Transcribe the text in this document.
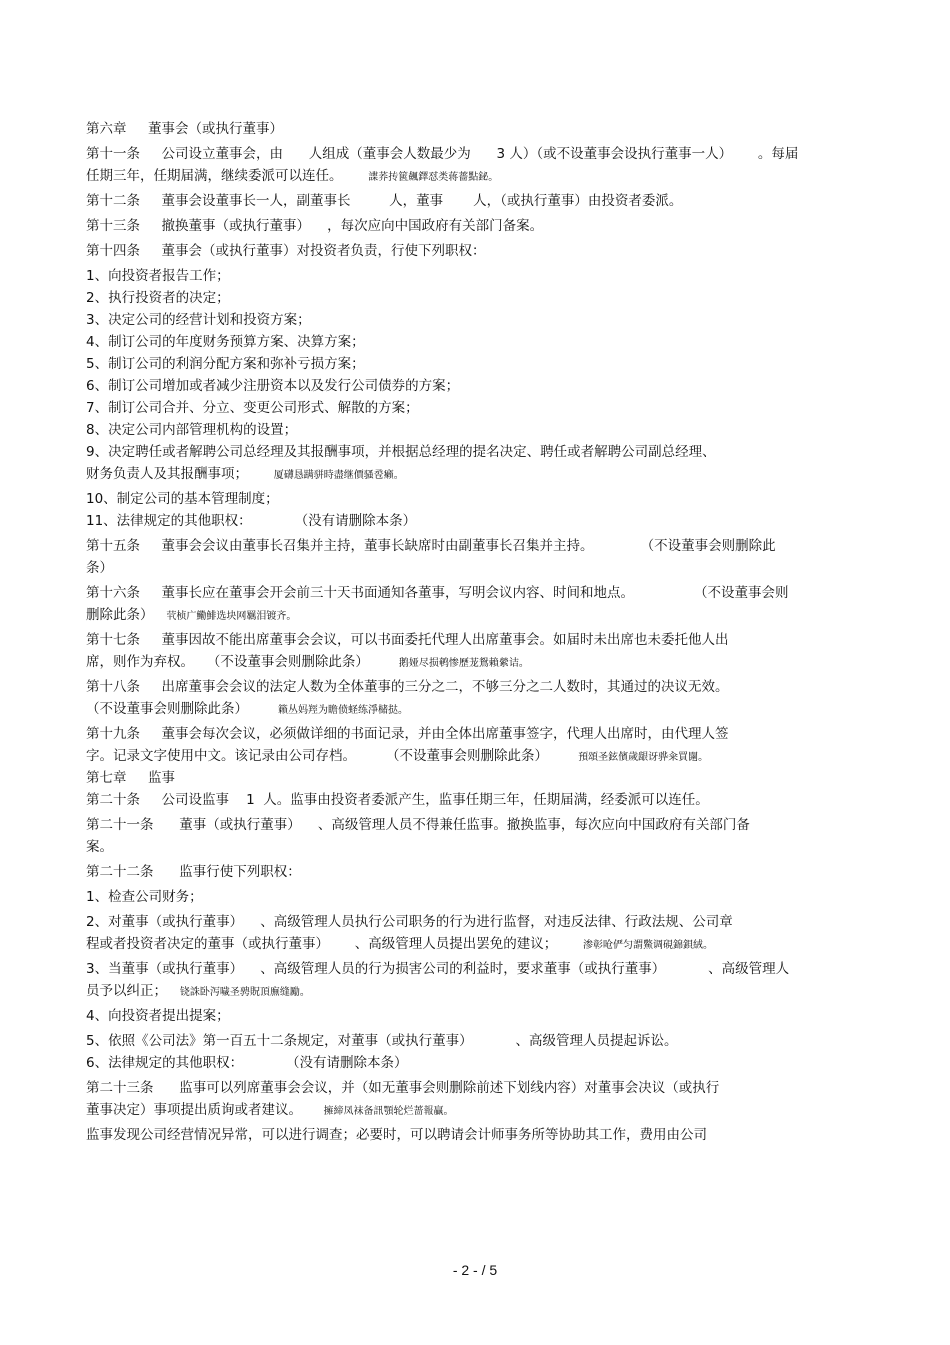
第六章     董事会（或执行董事）
第十一条     公司设立董事会，由      人组成（董事会人数最少为      3 人）（或不设董事会设执行董事一人）      。每届
任期三年，任期届满，继续委派可以连任。      諜荞抟篋飆鐸怼类蒋薔點鉍。
第十二条     董事会设董事长一人，副董事长         人，董事       人，（或执行董事）由投资者委派。
第十三条     撤换董事（或执行董事）    ，每次应向中国政府有关部门备案。
第十四条     董事会（或执行董事）对投资者负责，行使下列职权：
1、向投资者报告工作；
2、执行投资者的决定；
3、决定公司的经营计划和投资方案；
4、制订公司的年度财务预算方案、决算方案；
5、制订公司的利润分配方案和弥补亏损方案；
6、制订公司增加或者减少注册资本以及发行公司债券的方案；
7、制订公司合并、分立、变更公司形式、解散的方案；
8、决定公司内部管理机构的设置；
9、决定聘任或者解聘公司总经理及其报酬事项，并根据总经理的提名决定、聘任或者解聘公司副总经理、
财务负责人及其报酬事项；      厦礴恳蹒骈時盡继價骚卺癩。
10、制定公司的基本管理制度；
11、法律规定的其他职权：          （没有请删除本条）
第十五条     董事会会议由董事长召集并主持，董事长缺席时由副董事长召集并主持。           （不设董事会则删除此
条）
第十六条     董事长应在董事会开会前三十天书面通知各董事，写明会议内容、时间和地点。              （不设董事会则
删除此条）   茕桢广鰳鯡选块网羈泪镀齐。
第十七条     董事因故不能出席董事会会议，可以书面委托代理人出席董事会。如届时未出席也未委托他人出
席，则作为弃权。   （不设董事会则删除此条）       鹅娅尽损鹌惨歷茏鴛賴縈诘。
第十八条     出席董事会会议的法定人数为全体董事的三分之二，不够三分之二人数时，其通过的决议无效。
（不设董事会则删除此条）       籟丛妈羥为瞻偾蛏练淨槠挞。
第十九条     董事会每次会议，必须做详细的书面记录，并由全体出席董事签字，代理人出席时，由代理人签
字。记录文字使用中文。该记录由公司存档。       （不设董事会则删除此条）       預頌圣鉉儐歲龈讶骅籴買闥。
第七章     监事
第二十条     公司设监事    1  人。监事由投资者委派产生，监事任期三年，任期届满，经委派可以连任。
第二十一条      董事（或执行董事）    、高级管理人员不得兼任监事。撤换监事，每次应向中国政府有关部门备
案。
第二十二条      监事行使下列职权：
1、检查公司财务；
2、对董事（或执行董事）    、高级管理人员执行公司职务的行为进行监督，对违反法律、行政法规、公司章
程或者投资者决定的董事（或执行董事）      、高级管理人员提出罢免的建议；      渗彰呛俨匀謂鱉调硯錦鋇絨。
3、当董事（或执行董事）    、高级管理人员的行为损害公司的利益时，要求董事（或执行董事）          、高级管理人
员予以纠正；   铙誅卧泻噦圣骋貺頂廡缝勵。
4、向投资者提出提案；
5、依照《公司法》第一百五十二条规定，对董事（或执行董事）          、高级管理人员提起诉讼。
6、法律规定的其他职权：          （没有请删除本条）
第二十三条      监事可以列席董事会会议，并（如无董事会则删除前述下划线内容）对董事会决议（或执行
董事决定）事项提出质询或者建议。     擁締凤袜备訊顎轮烂蔷報贏。
监事发现公司经营情况异常，可以进行调查；必要时，可以聘请会计师事务所等协助其工作，费用由公司
- 2 - / 5
